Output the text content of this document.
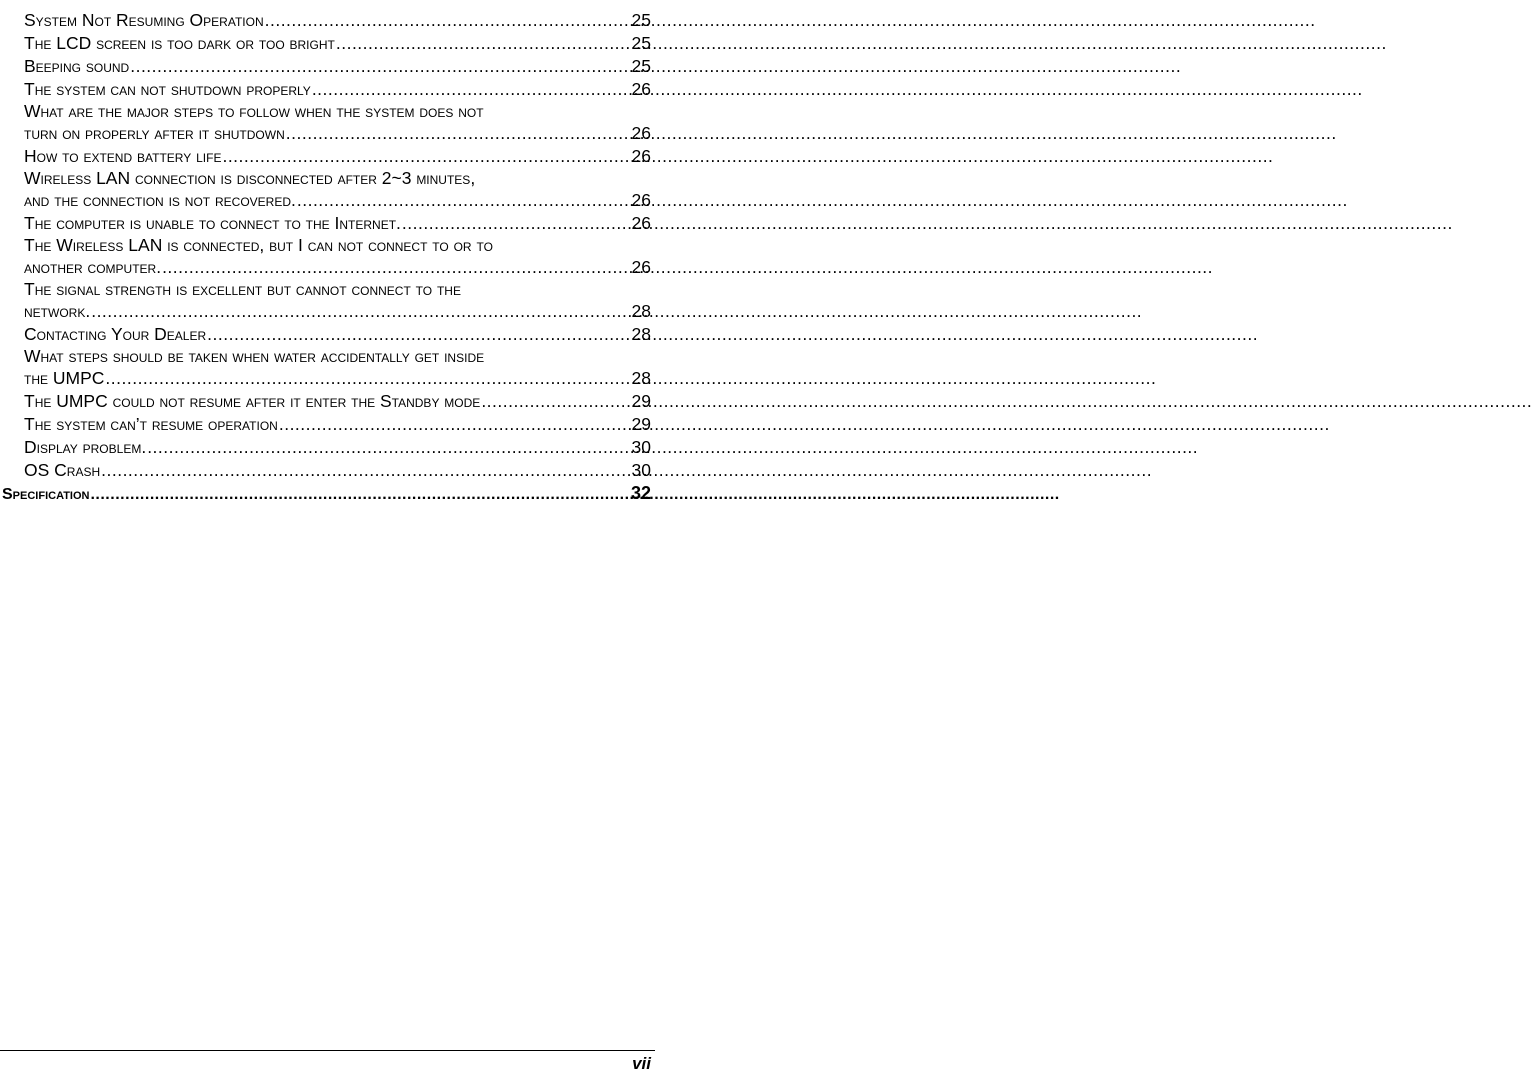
System Not Resuming Operation .....	25
The LCD screen is too dark or too bright .....	25
Beeping sound .....	25
The system can not shutdown properly .....	26
What are the major steps to follow when the system does not
turn on properly after it shutdown .....	26
How to extend battery life .....	26
Wireless LAN connection is disconnected after 2~3 minutes,
and the connection is not recovered. .....	26
The computer is unable to connect to the Internet. .....	26
The Wireless LAN is connected, but I can not connect to or to
another computer. .....	26
The signal strength is excellent but cannot connect to the
network. .....	28
Contacting Your Dealer .....	28
What steps should be taken when water accidentally get inside
the UMPC .....	28
The UMPC could not resume after it enter the Standby mode .....	29
The system can’t resume operation .....	29
Display problem. .....	30
OS Crash .....	30
Specification .....	32
vii
